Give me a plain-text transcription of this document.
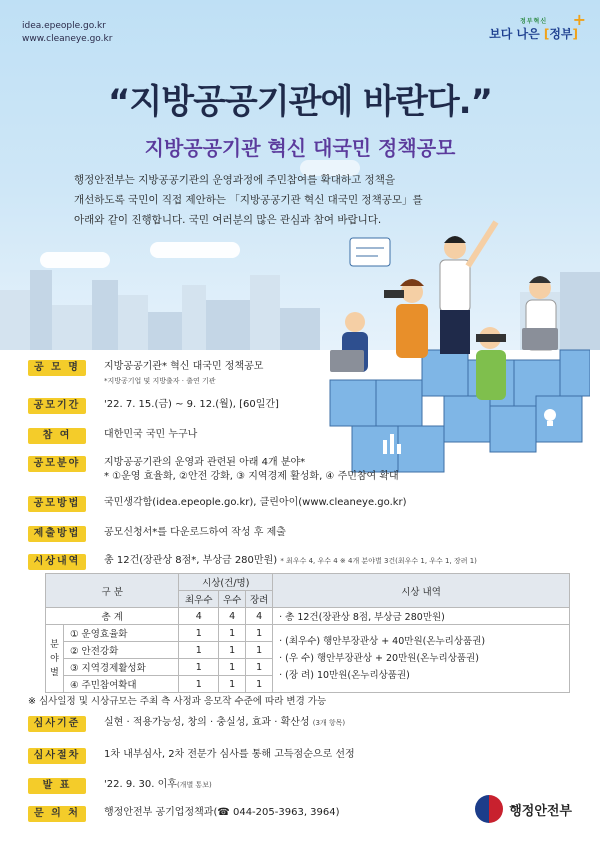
idea.epeople.go.kr
www.cleaneye.go.kr
정부혁신
보다 나은 [정부]
+
“지방공공기관에 바란다.”
지방공공기관 혁신 대국민 정책공모
행정안전부는 지방공공기관의 운영과정에 주민참여를 확대하고 정책을
개선하도록 국민이 직접 제안하는 「지방공공기관 혁신 대국민 정책공모」를
아래와 같이 진행합니다. 국민 여러분의 많은 관심과 참여 바랍니다.
공 모 명	지방공공기관* 혁신 대국민 정책공모
*지방공기업 및 지방출자 · 출연 기관
공모기간	'22. 7. 15.(금) ~ 9. 12.(월), [60일간]
참 여	대한민국 국민 누구나
공모분야	지방공공기관의 운영과 관련된 아래 4개 분야*
* ①운영 효율화, ②안전 강화, ③ 지역경제 활성화, ④ 주민참여 확대
공모방법	국민생각함(idea.epeople.go.kr), 클린아이(www.cleaneye.go.kr)
제출방법	공모신청서*를 다운로드하여 작성 후 제출
시상내역	총 12건(장관상 8점*, 부상금 280만원) * 최우수 4, 우수 4 ※ 4개 분야별 3건(최우수 1, 우수 1, 장려 1)
구 분		시상(건/명)			시상 내역
		최우수	우수	장려	
총 계		4	4	4	· 총 12건(장관상 8점, 부상금 280만원)
분야별	① 운영효율화	1	1	1	· (최우수) 행안부장관상 + 40만원(온누리상품권)
· (우 수) 행안부장관상 + 20만원(온누리상품권)
· (장 려) 10만원(온누리상품권)

	② 안전강화	1	1	1	
	③ 지역경제활성화	1	1	1	
	④ 주민참여확대	1	1	1	
※ 심사일정 및 시상규모는 주최 측 사정과 응모작 수준에 따라 변경 가능
심사기준	실현 · 적용가능성, 창의 · 충실성, 효과 · 확산성 (3개 항목)
심사절차	1차 내부심사, 2차 전문가 심사를 통해 고득점순으로 선정
발 표	'22. 9. 30. 이후(개별 통보)
문 의 처	행정안전부 공기업정책과(☎ 044-205-3963, 3964)	행정안전부
